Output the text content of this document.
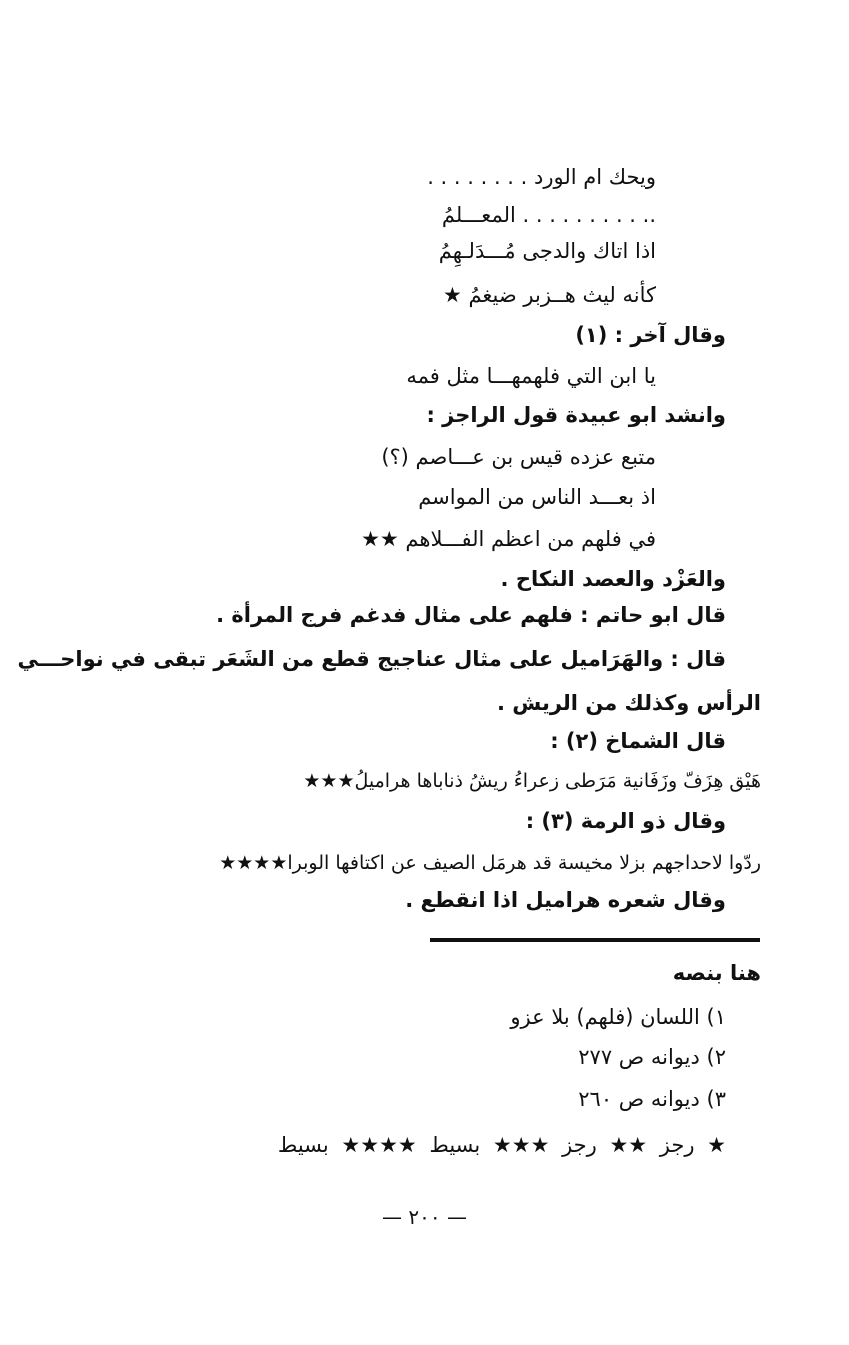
ويحك ام الورد . . . . . . . .
.. . . . . . . . . . المعـــلمُ
اذا اتاك والدجى مُـــدَلـهِمُ
كأنه ليث هــزبر ضيغمُ ★
وقال آخر : (١)
يا ابن التي فلهمهـــا مثل فمه
وانشد ابو عبيدة قول الراجز :
متبع عزده قيس بن عـــاصم (؟)
اذ بعـــد الناس من المواسم
في فلهم من اعظم الفـــلاهم ★★
والعَزْد والعصد النكاح .
قال ابو حاتم : فلهم على مثال فدغم فرج المرأة .
قال : والهَرَاميل على مثال عناجيج قطع من الشَعَر تبقى في نواحـــي
الرأس وكذلك من الريش .
قال الشماخ (٢) :
هَيْق هِزَفّ وزَفَانية مَرَطى زعراءُ ريشُ ذناباها هراميلُ★★★
وقال ذو الرمة (٣) :
ردّوا لاحداجهم بزلا مخيسة قد هرمَل الصيف عن اكتافها الوبرا★★★★
وقال شعره هراميل اذا انقطع .
هنا بنصه
١) اللسان (فلهم) بلا عزو
٢) ديوانه ص ٢٧٧
٣) ديوانه ص ٢٦٠
★ رجز ★★ رجز ★★★ بسيط ★★★★ بسيط
— ٢٠٠ —
